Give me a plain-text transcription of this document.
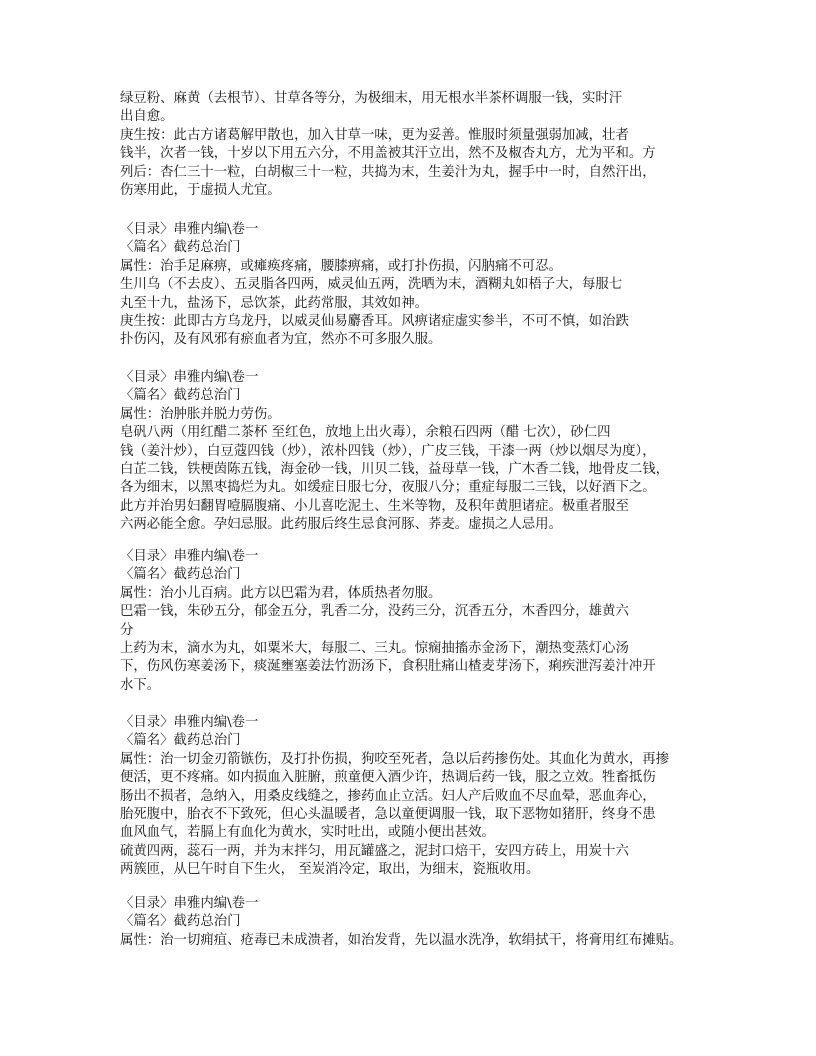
绿豆粉、麻黄（去根节）、甘草各等分，为极细末，用无根水半茶杯调服一钱，实时汗
出自愈。
庚生按：此古方诸葛解甲散也，加入甘草一味，更为妥善。惟服时须量强弱加减，壮者
钱半，次者一钱，十岁以下用五六分，不用盖被其汗立出，然不及椒杏丸方，尤为平和。方
列后：杏仁三十一粒，白胡椒三十一粒，共捣为末，生姜汁为丸，握手中一时，自然汗出，
伤寒用此，于虚损人尤宜。
〈目录〉串雅内编\卷一
〈篇名〉截药总治门
属性：治手足麻痹，或瘫痪疼痛，腰膝痹痛，或打扑伤损，闪肭痛不可忍。
生川乌（不去皮）、五灵脂各四两，威灵仙五两，洗晒为末，酒糊丸如梧子大，每服七
丸至十九，盐汤下，忌饮茶，此药常服，其效如神。
庚生按：此即古方乌龙丹，以威灵仙易麝香耳。风痹诸症虚实参半，不可不慎，如治跌
扑伤闪，及有风邪有瘀血者为宜，然亦不可多服久服。
〈目录〉串雅内编\卷一
〈篇名〉截药总治门
属性：治肿胀并脱力劳伤。
皂矾八两（用红醋二茶杯 至红色，放地上出火毒），余粮石四两（醋 七次），砂仁四
钱（姜汁炒），白豆蔻四钱（炒），浓朴四钱（炒），广皮三钱，干漆一两（炒以烟尽为度），
白芷二钱，铁梗茵陈五钱，海金砂一钱，川贝二钱，益母草一钱，广木香二钱，地骨皮二钱，
各为细末，以黑枣捣烂为丸。如缓症日服七分，夜服八分；重症每服二三钱，以好酒下之。
此方并治男妇翻胃噎膈腹痛、小儿喜吃泥土、生米等物，及积年黄胆诸症。极重者服至
六两必能全愈。孕妇忌服。此药服后终生忌食河豚、荞麦。虚损之人忌用。
〈目录〉串雅内编\卷一
〈篇名〉截药总治门
属性：治小儿百病。此方以巴霜为君，体质热者勿服。
巴霜一钱，朱砂五分，郁金五分，乳香二分，没药三分，沉香五分，木香四分，雄黄六
分
上药为末，滴水为丸，如粟米大，每服二、三丸。惊痫抽搐赤金汤下，潮热变蒸灯心汤
下，伤风伤寒姜汤下，痰涎壅塞姜法竹沥汤下，食积肚痛山楂麦芽汤下，痢疾泄泻姜汁冲开
水下。
〈目录〉串雅内编\卷一
〈篇名〉截药总治门
属性：治一切金刃箭镞伤，及打扑伤损，狗咬至死者，急以后药掺伤处。其血化为黄水，再掺
便活，更不疼痛。如内损血入脏腑，煎童便入酒少许，热调后药一钱，服之立效。牲畜抵伤
肠出不损者，急纳入，用桑皮线缝之，掺药血止立活。妇人产后败血不尽血晕，恶血奔心，
胎死腹中，胎衣不下致死，但心头温暖者，急以童便调服一钱，取下恶物如猪肝，终身不患
血风血气，若膈上有血化为黄水，实时吐出，或随小便出甚效。
硫黄四两，蕊石一两，并为末拌匀，用瓦罐盛之，泥封口焙干，安四方砖上，用炭十六
两簇匝，从巳午时自下生火， 至炭消冷定，取出，为细末，瓷瓶收用。
〈目录〉串雅内编\卷一
〈篇名〉截药总治门
属性：治一切痈疽、疮毒已未成溃者，如治发背，先以温水洗净，软绢拭干，将膏用红布摊贴。
